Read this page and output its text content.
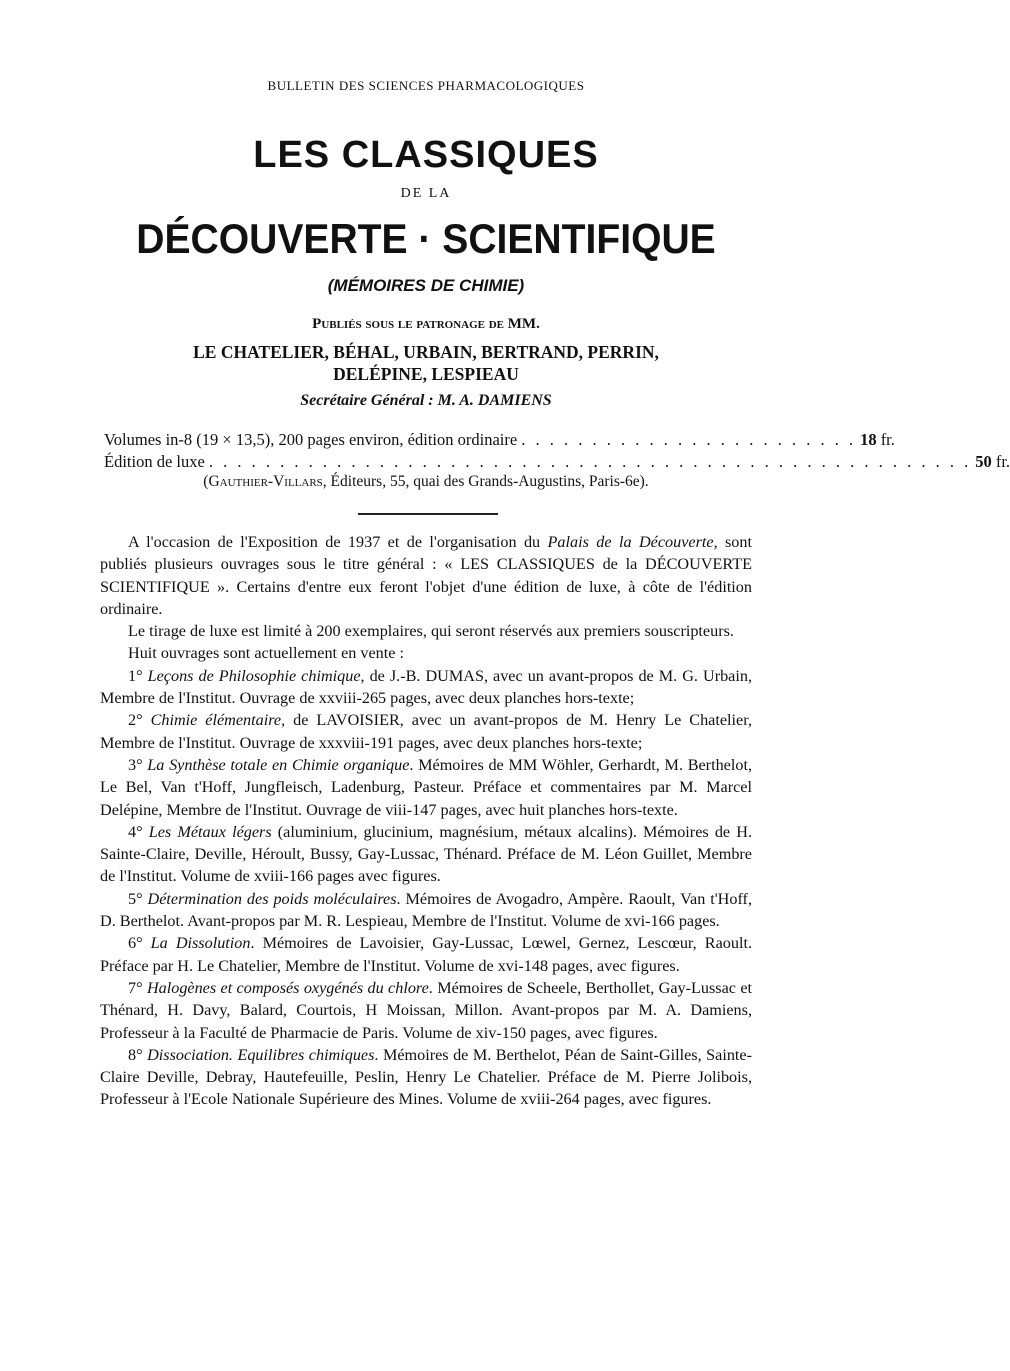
BULLETIN DES SCIENCES PHARMACOLOGIQUES
LES CLASSIQUES
DE LA
DÉCOUVERTE · SCIENTIFIQUE
(MÉMOIRES DE CHIMIE)
Publiés sous le patronage de MM.
LE CHATELIER, BÉHAL, URBAIN, BERTRAND, PERRIN,
DELÉPINE, LESPIEAU
Secrétaire Général : M. A. DAMIENS
Volumes in-8 (19 × 13,5), 200 pages environ, édition ordinaire . . . . . . . . . . . . . . . . . . . . . . . . 18 fr.
Édition de luxe . . . . . . . . . . . . . . . . . . . . . . . . . . . . . . . . . . . . . . . . . . . . . . . . . . . . . . 50 fr.
(Gauthier-Villars, Éditeurs, 55, quai des Grands-Augustins, Paris-6e).

A l'occasion de l'Exposition de 1937 et de l'organisation du Palais de la Découverte, sont publiés plusieurs ouvrages sous le titre général : « LES CLASSIQUES de la DÉCOUVERTE SCIENTIFIQUE ». Certains d'entre eux feront l'objet d'une édition de luxe, à côte de l'édition ordinaire.

Le tirage de luxe est limité à 200 exemplaires, qui seront réservés aux premiers souscripteurs.

Huit ouvrages sont actuellement en vente :

1° Leçons de Philosophie chimique, de J.-B. DUMAS, avec un avant-propos de M. G. Urbain, Membre de l'Institut. Ouvrage de xxviii-265 pages, avec deux planches hors-texte;

2° Chimie élémentaire, de LAVOISIER, avec un avant-propos de M. Henry Le Chatelier, Membre de l'Institut. Ouvrage de xxxviii-191 pages, avec deux planches hors-texte;

3° La Synthèse totale en Chimie organique. Mémoires de MM Wöhler, Gerhardt, M. Berthelot, Le Bel, Van t'Hoff, Jungfleisch, Ladenburg, Pasteur. Préface et commentaires par M. Marcel Delépine, Membre de l'Institut. Ouvrage de viii-147 pages, avec huit planches hors-texte.

4° Les Métaux légers (aluminium, glucinium, magnésium, métaux alcalins). Mémoires de H. Sainte-Claire, Deville, Héroult, Bussy, Gay-Lussac, Thénard. Préface de M. Léon Guillet, Membre de l'Institut. Volume de xviii-166 pages avec figures.

5° Détermination des poids moléculaires. Mémoires de Avogadro, Ampère. Raoult, Van t'Hoff, D. Berthelot. Avant-propos par M. R. Lespieau, Membre de l'Institut. Volume de xvi-166 pages.

6° La Dissolution. Mémoires de Lavoisier, Gay-Lussac, Lœwel, Gernez, Lescœur, Raoult. Préface par H. Le Chatelier, Membre de l'Institut. Volume de xvi-148 pages, avec figures.

7° Halogènes et composés oxygénés du chlore. Mémoires de Scheele, Berthollet, Gay-Lussac et Thénard, H. Davy, Balard, Courtois, H Moissan, Millon. Avant-propos par M. A. Damiens, Professeur à la Faculté de Pharmacie de Paris. Volume de xiv-150 pages, avec figures.

8° Dissociation. Equilibres chimiques. Mémoires de M. Berthelot, Péan de Saint-Gilles, Sainte-Claire Deville, Debray, Hautefeuille, Peslin, Henry Le Chatelier. Préface de M. Pierre Jolibois, Professeur à l'Ecole Nationale Supérieure des Mines. Volume de xviii-264 pages, avec figures.
